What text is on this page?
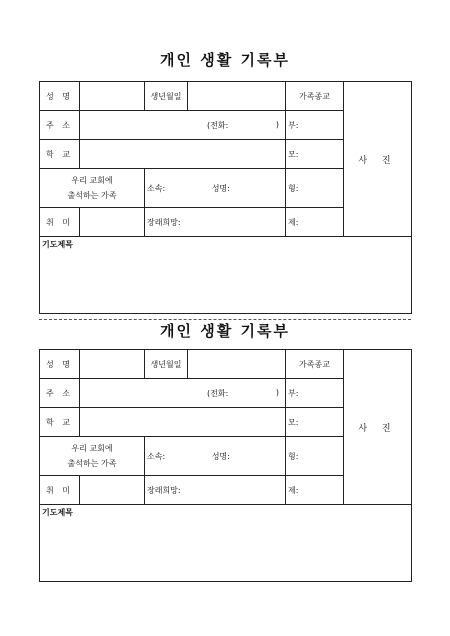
개인 생활 기록부
성 명		생년월일		가족종교	사 진
주 소	(전화: )			부:	
학 교				모:	

우리 교회에
출석하는 가족		소속: 성명:		형:	
취 미		장래희망:		제:	
기도제목					
개인 생활 기록부
성 명		생년월일		가족종교	사 진
주 소	(전화: )			부:	
학 교				모:	

우리 교회에
출석하는 가족		소속: 성명:		형:	
취 미		장래희망:		제:	
기도제목					
